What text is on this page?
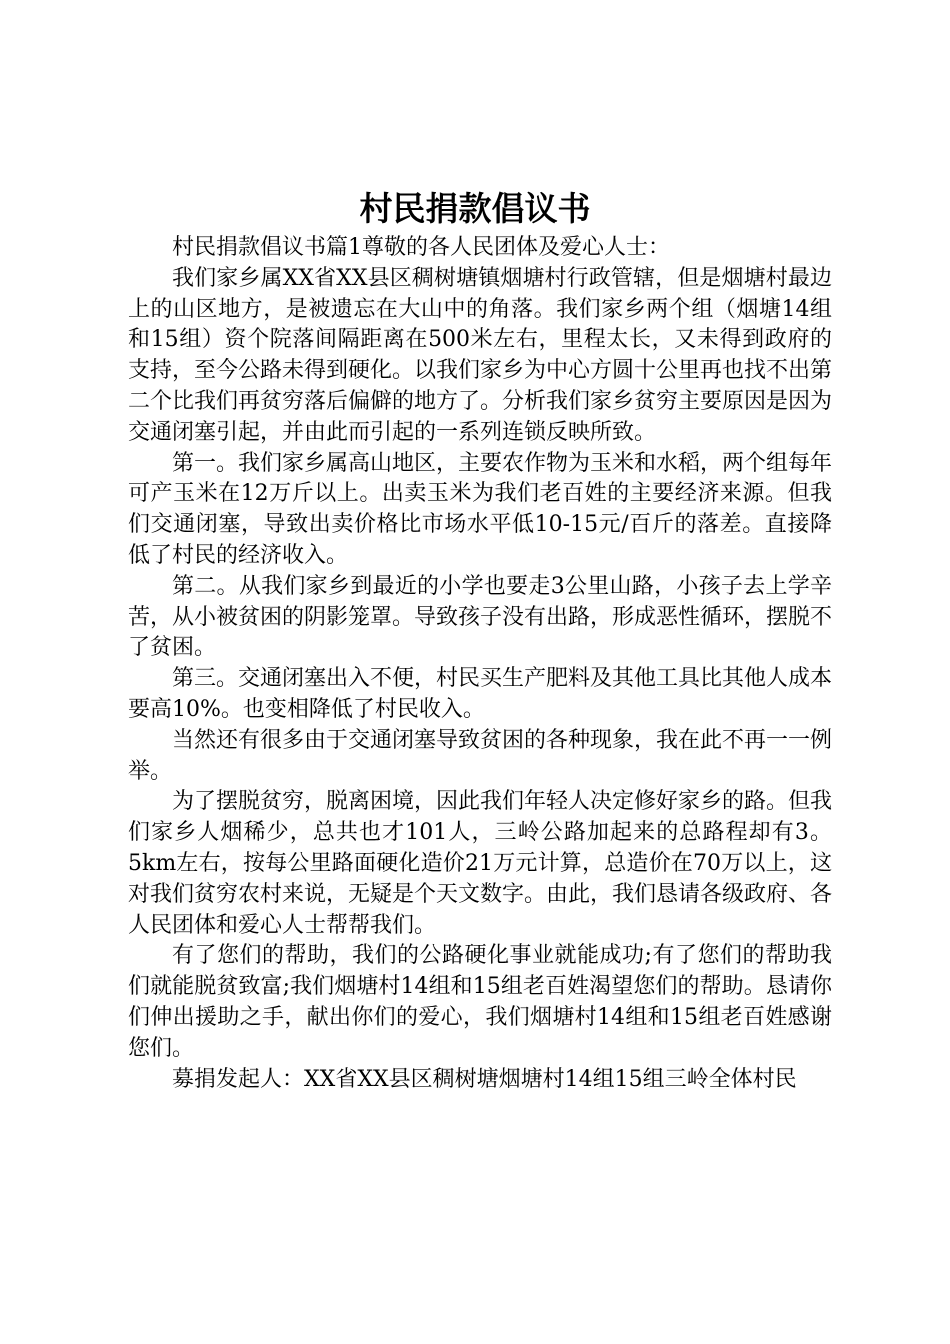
村民捐款倡议书

村民捐款倡议书篇1尊敬的各人民团体及爱心人士：

我们家乡属XX省XX县区稠树塘镇烟塘村行政管辖，但是烟塘村最边上的山区地方，是被遗忘在大山中的角落。我们家乡两个组（烟塘14组和15组）资个院落间隔距离在500米左右，里程太长，又未得到政府的支持，至今公路未得到硬化。以我们家乡为中心方圆十公里再也找不出第二个比我们再贫穷落后偏僻的地方了。分析我们家乡贫穷主要原因是因为交通闭塞引起，并由此而引起的一系列连锁反映所致。

第一。我们家乡属高山地区，主要农作物为玉米和水稻，两个组每年可产玉米在12万斤以上。出卖玉米为我们老百姓的主要经济来源。但我们交通闭塞，导致出卖价格比市场水平低10-15元/百斤的落差。直接降低了村民的经济收入。

第二。从我们家乡到最近的小学也要走3公里山路，小孩子去上学辛苦，从小被贫困的阴影笼罩。导致孩子没有出路，形成恶性循环，摆脱不了贫困。

第三。交通闭塞出入不便，村民买生产肥料及其他工具比其他人成本要高10%。也变相降低了村民收入。

当然还有很多由于交通闭塞导致贫困的各种现象，我在此不再一一例举。

为了摆脱贫穷，脱离困境，因此我们年轻人决定修好家乡的路。但我们家乡人烟稀少，总共也才101人，三岭公路加起来的总路程却有3。5km左右，按每公里路面硬化造价21万元计算，总造价在70万以上，这对我们贫穷农村来说，无疑是个天文数字。由此，我们恳请各级政府、各人民团体和爱心人士帮帮我们。

有了您们的帮助，我们的公路硬化事业就能成功;有了您们的帮助我们就能脱贫致富;我们烟塘村14组和15组老百姓渴望您们的帮助。恳请你们伸出援助之手，献出你们的爱心，我们烟塘村14组和15组老百姓感谢您们。

募捐发起人：XX省XX县区稠树塘烟塘村14组15组三岭全体村民
